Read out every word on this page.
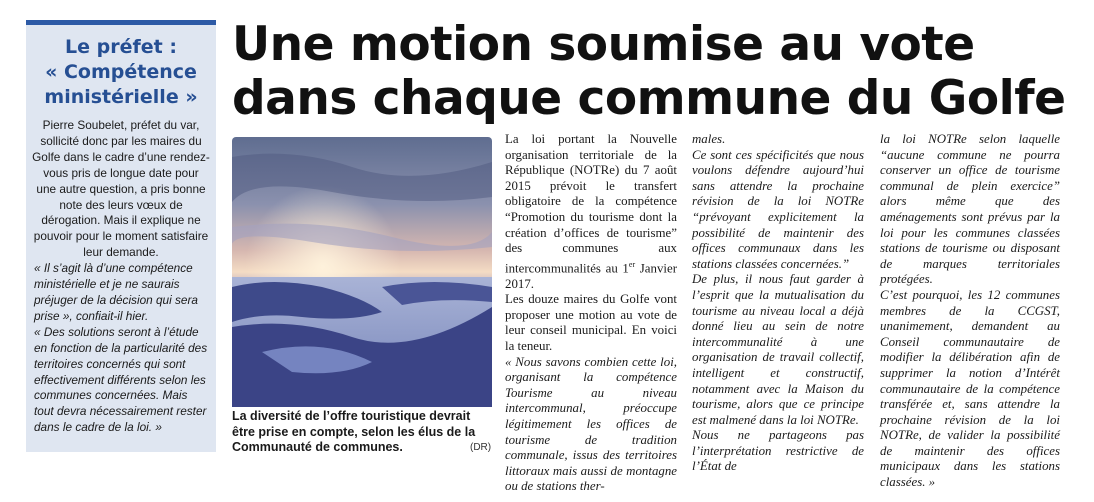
Le préfet :
« Compétence
ministérielle »

Pierre Soubelet, préfet du var, sollicité donc par les maires du Golfe dans le cadre d’une rendez-vous pris de longue date pour une autre question, a pris bonne note des leurs vœux de dérogation. Mais il explique ne pouvoir pour le moment satisfaire leur demande.

« Il s’agit là d’une compétence ministérielle et je ne saurais préjuger de la décision qui sera prise », confiait-il hier.

« Des solutions seront à l’étude en fonction de la particularité des territoires concernés qui sont effectivement différents selon les communes concernées. Mais tout devra nécessairement rester dans le cadre de la loi. »

Une motion soumise au vote
dans chaque commune du Golfe

La diversité de l’offre touristique devrait être prise en compte, selon les élus de la Communauté de communes.	(DR)

La loi portant la Nouvelle organisation territoriale de la République (NOTRe) du 7 août 2015 prévoit le transfert obligatoire de la compétence “Promotion du tourisme dont la création d’offices de tourisme” des communes aux intercommunalités au 1er Janvier 2017.

Les douze maires du Golfe vont proposer une motion au vote de leur conseil municipal. En voici la teneur.

« Nous savons combien cette loi, organisant la compétence Tourisme au niveau intercommunal, préoccupe légitimement les offices de tourisme de tradition communale, issus des territoires littoraux mais aussi de montagne ou de stations ther-

males.

Ce sont ces spécificités que nous voulons défendre aujourd’hui sans attendre la prochaine révision de la loi NOTRe “prévoyant explicitement la possibilité de maintenir des offices communaux dans les stations classées concernées.”

De plus, il nous faut garder à l’esprit que la mutualisation du tourisme au niveau local a déjà donné lieu au sein de notre intercommunalité à une organisation de travail collectif, intelligent et constructif, notamment avec la Maison du tourisme, alors que ce principe est malmené dans la loi NOTRe.

Nous ne partageons pas l’interprétation restrictive de l’État de

la loi NOTRe selon laquelle “aucune commune ne pourra conserver un office de tourisme communal de plein exercice” alors même que des aménagements sont prévus par la loi pour les communes classées stations de tourisme ou disposant de marques territoriales protégées.

C’est pourquoi, les 12 communes membres de la CCGST, unanimement, demandent au Conseil communautaire de modifier la délibération afin de supprimer la notion d’Intérêt communautaire de la compétence transférée et, sans attendre la prochaine révision de la loi NOTRe, de valider la possibilité de maintenir des offices municipaux dans les stations classées. »
